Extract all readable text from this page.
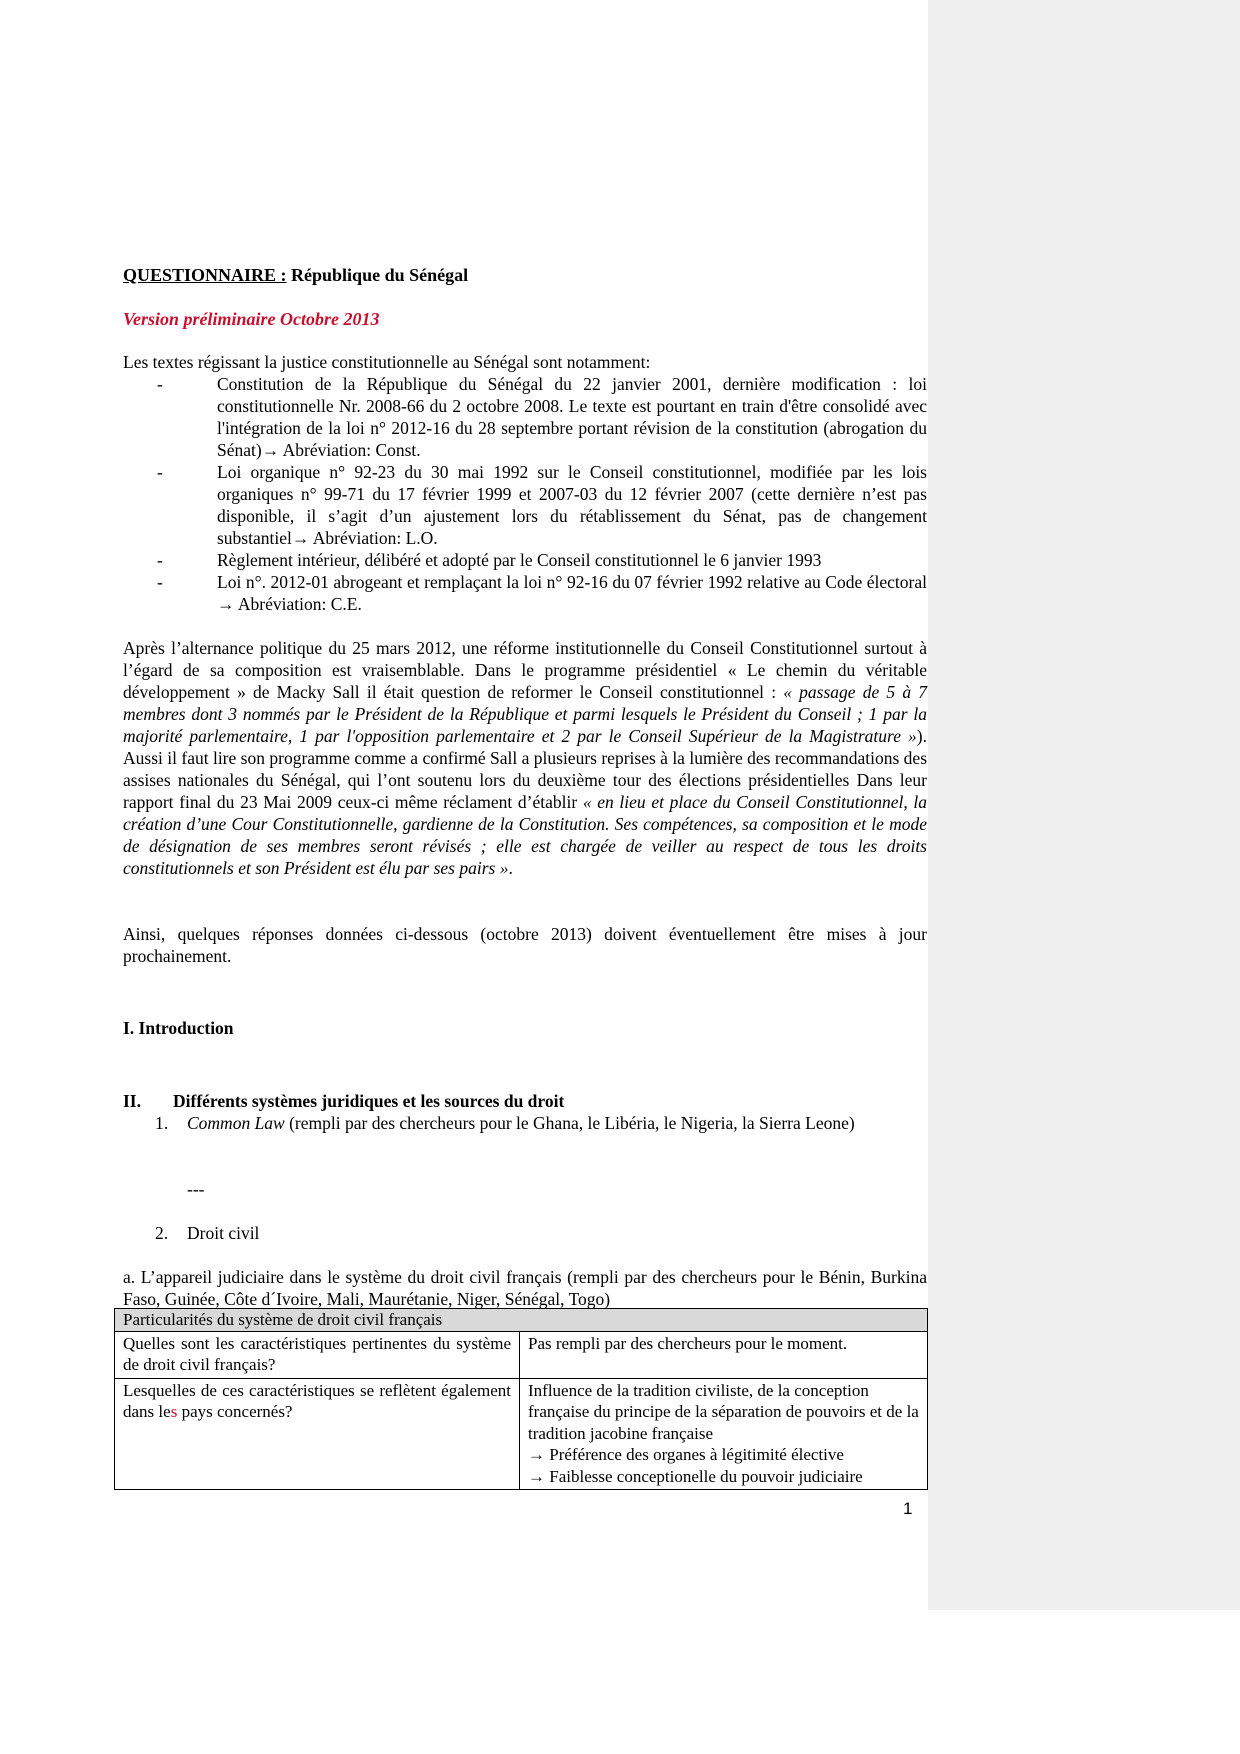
QUESTIONNAIRE : République du Sénégal
Version préliminaire Octobre 2013
Les textes régissant la justice constitutionnelle au Sénégal sont notamment:
-	Constitution de la République du Sénégal du 22 janvier 2001, dernière modification : loi constitutionnelle Nr. 2008-66 du 2 octobre 2008. Le texte est pourtant en train d'être consolidé avec l'intégration de la loi n° 2012-16 du 28 septembre portant révision de la constitution (abrogation du Sénat)→ Abréviation: Const.
-	Loi organique n° 92-23 du 30 mai 1992 sur le Conseil constitutionnel, modifiée par les lois organiques n° 99-71 du 17 février 1999 et 2007-03 du 12 février 2007 (cette dernière n’est pas disponible, il s’agit d’un ajustement lors du rétablissement du Sénat, pas de changement substantiel→ Abréviation: L.O.
-	Règlement intérieur, délibéré et adopté par le Conseil constitutionnel le 6 janvier 1993
-	Loi n°. 2012-01 abrogeant et remplaçant la loi n° 92-16 du 07 février 1992 relative au Code électoral → Abréviation: C.E.
Après l’alternance politique du 25 mars 2012, une réforme institutionnelle du Conseil Constitutionnel surtout à l’égard de sa composition est vraisemblable. Dans le programme présidentiel « Le chemin du véritable développement » de Macky Sall il était question de reformer le Conseil constitutionnel : « passage de 5 à 7 membres dont 3 nommés par le Président de la République et parmi lesquels le Président du Conseil ; 1 par la majorité parlementaire, 1 par l'opposition parlementaire et 2 par le Conseil Supérieur de la Magistrature »). Aussi il faut lire son programme comme a confirmé Sall a plusieurs reprises à la lumière des recommandations des assises nationales du Sénégal, qui l’ont soutenu lors du deuxième tour des élections présidentielles Dans leur rapport final du 23 Mai 2009 ceux-ci même réclament d’établir « en lieu et place du Conseil Constitutionnel, la création d’une Cour Constitutionnelle, gardienne de la Constitution. Ses compétences, sa composition et le mode de désignation de ses membres seront révisés ; elle est chargée de veiller au respect de tous les droits constitutionnels et son Président est élu par ses pairs ».
Ainsi, quelques réponses données ci-dessous (octobre 2013) doivent éventuellement être mises à jour prochainement.
I. Introduction
II.	Différents systèmes juridiques et les sources du droit
1.	Common Law (rempli par des chercheurs pour le Ghana, le Libéria, le Nigeria, la Sierra Leone)
---
2.	Droit civil
a. L’appareil judiciaire dans le système du droit civil français (rempli par des chercheurs pour le Bénin, Burkina Faso, Guinée, Côte d´Ivoire, Mali, Maurétanie, Niger, Sénégal, Togo)
Particularités du système de droit civil français	
Quelles sont les caractéristiques pertinentes du système de droit civil français?	Pas rempli par des chercheurs pour le moment.
Lesquelles de ces caractéristiques se reflètent également dans les pays concernés?	Influence de la tradition civiliste, de la conception française du principe de la séparation de pouvoirs et de la tradition jacobine française
→ Préférence des organes à légitimité élective
→ Faiblesse conceptionelle du pouvoir judiciaire
1
